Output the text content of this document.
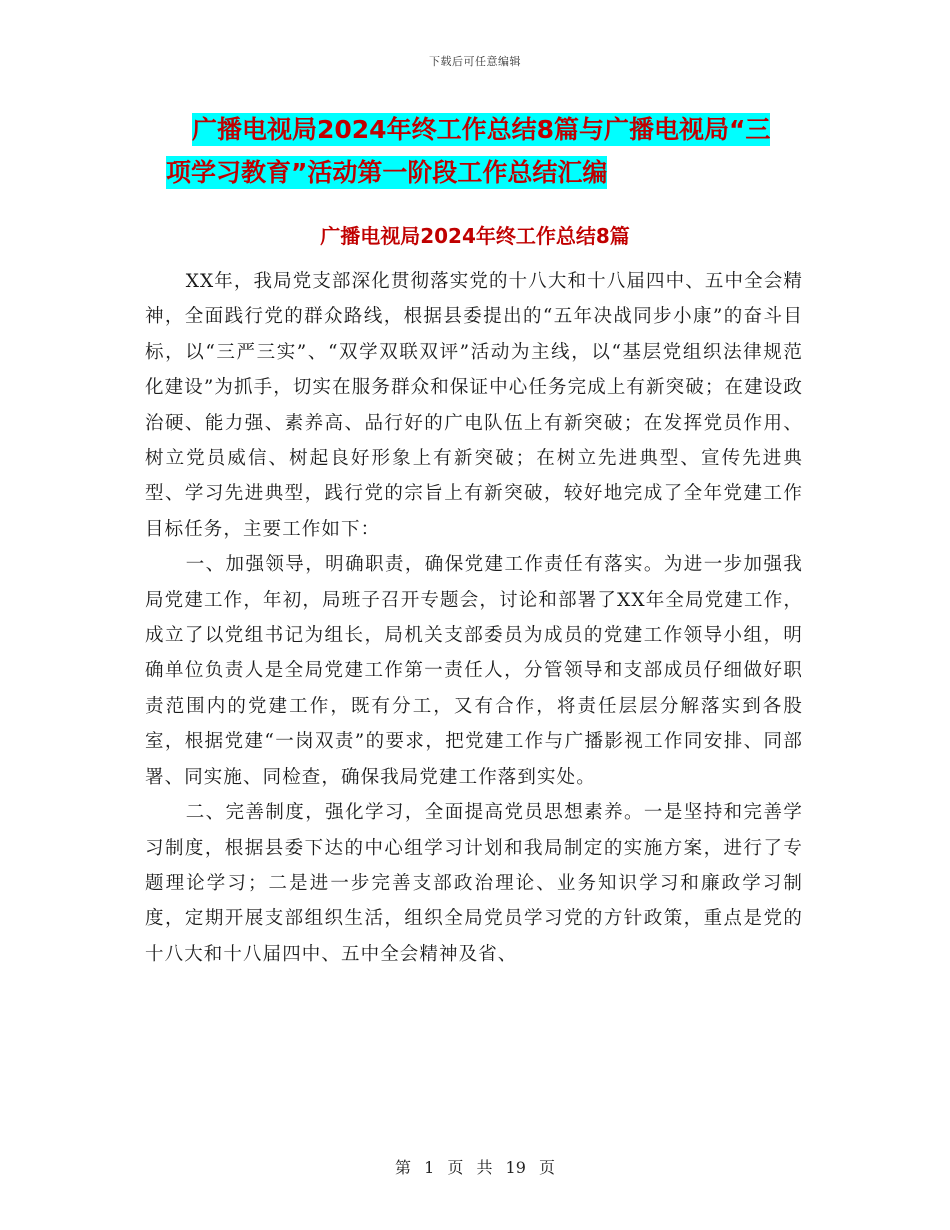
下载后可任意编辑
广播电视局2024年终工作总结8篇与广播电视局“三
项学习教育”活动第一阶段工作总结汇编
广播电视局2024年终工作总结8篇

XX年，我局党支部深化贯彻落实党的十八大和十八届四中、五中全会精神，全面践行党的群众路线，根据县委提出的“五年决战同步小康”的奋斗目标，以“三严三实”、“双学双联双评”活动为主线，以“基层党组织法律规范化建设”为抓手，切实在服务群众和保证中心任务完成上有新突破；在建设政治硬、能力强、素养高、品行好的广电队伍上有新突破；在发挥党员作用、树立党员威信、树起良好形象上有新突破；在树立先进典型、宣传先进典型、学习先进典型，践行党的宗旨上有新突破，较好地完成了全年党建工作目标任务，主要工作如下：

一、加强领导，明确职责，确保党建工作责任有落实。为进一步加强我局党建工作，年初，局班子召开专题会，讨论和部署了XX年全局党建工作，成立了以党组书记为组长，局机关支部委员为成员的党建工作领导小组，明确单位负责人是全局党建工作第一责任人，分管领导和支部成员仔细做好职责范围内的党建工作，既有分工，又有合作，将责任层层分解落实到各股室，根据党建“一岗双责”的要求，把党建工作与广播影视工作同安排、同部署、同实施、同检查，确保我局党建工作落到实处。

二、完善制度，强化学习，全面提高党员思想素养。一是坚持和完善学习制度，根据县委下达的中心组学习计划和我局制定的实施方案，进行了专题理论学习；二是进一步完善支部政治理论、业务知识学习和廉政学习制度，定期开展支部组织生活，组织全局党员学习党的方针政策，重点是党的十八大和十八届四中、五中全会精神及省、

第 1 页 共 19 页
